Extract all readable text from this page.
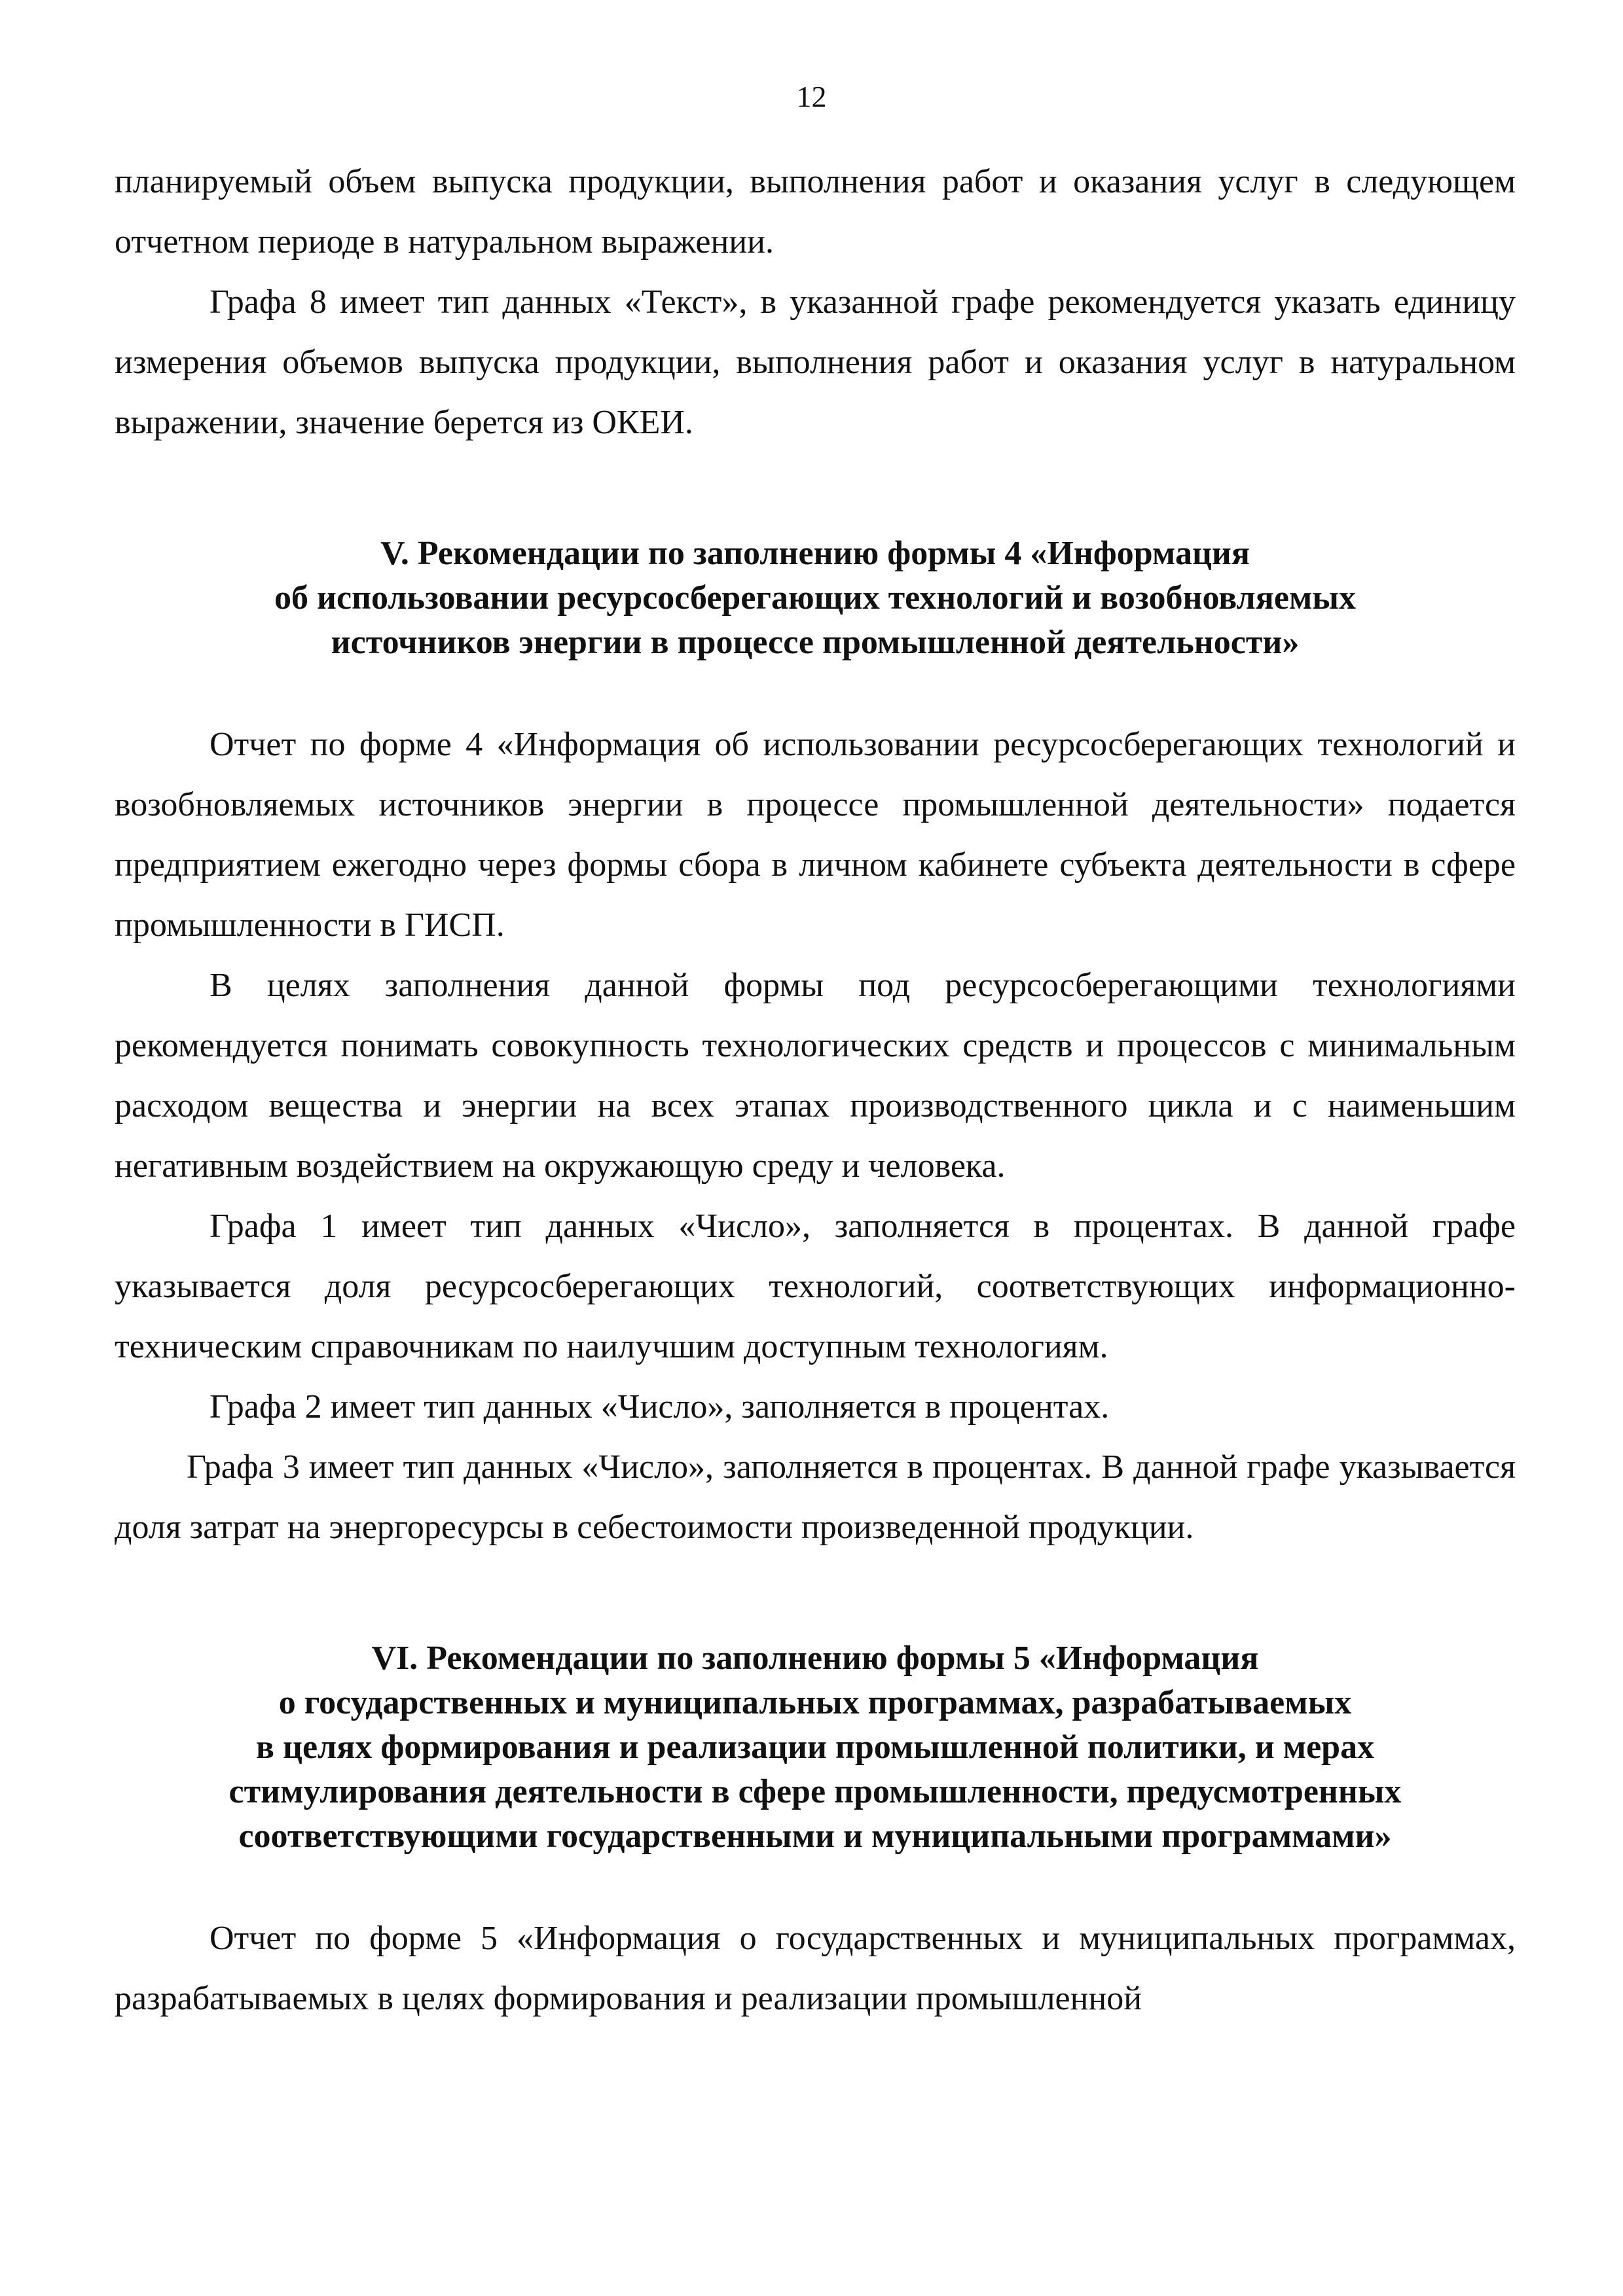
12

планируемый объем выпуска продукции, выполнения работ и оказания услуг в следующем отчетном периоде в натуральном выражении.

Графа 8 имеет тип данных «Текст», в указанной графе рекомендуется указать единицу измерения объемов выпуска продукции, выполнения работ и оказания услуг в натуральном выражении, значение берется из ОКЕИ.

V. Рекомендации по заполнению формы 4 «Информация
об использовании ресурсосберегающих технологий и возобновляемых
источников энергии в процессе промышленной деятельности»

Отчет по форме 4 «Информация об использовании ресурсосберегающих технологий и возобновляемых источников энергии в процессе промышленной деятельности» подается предприятием ежегодно через формы сбора в личном кабинете субъекта деятельности в сфере промышленности в ГИСП.

В целях заполнения данной формы под ресурсосберегающими технологиями рекомендуется понимать совокупность технологических средств и процессов с минимальным расходом вещества и энергии на всех этапах производственного цикла и с наименьшим негативным воздействием на окружающую среду и человека.

Графа 1 имеет тип данных «Число», заполняется в процентах. В данной графе указывается доля ресурсосберегающих технологий, соответствующих информационно-техническим справочникам по наилучшим доступным технологиям.

Графа 2 имеет тип данных «Число», заполняется в процентах.

Графа 3 имеет тип данных «Число», заполняется в процентах. В данной графе указывается доля затрат на энергоресурсы в себестоимости произведенной продукции.

VI. Рекомендации по заполнению формы 5 «Информация
о государственных и муниципальных программах, разрабатываемых
в целях формирования и реализации промышленной политики, и мерах
стимулирования деятельности в сфере промышленности, предусмотренных
соответствующими государственными и муниципальными программами»

Отчет по форме 5 «Информация о государственных и муниципальных программах, разрабатываемых в целях формирования и реализации промышленной
